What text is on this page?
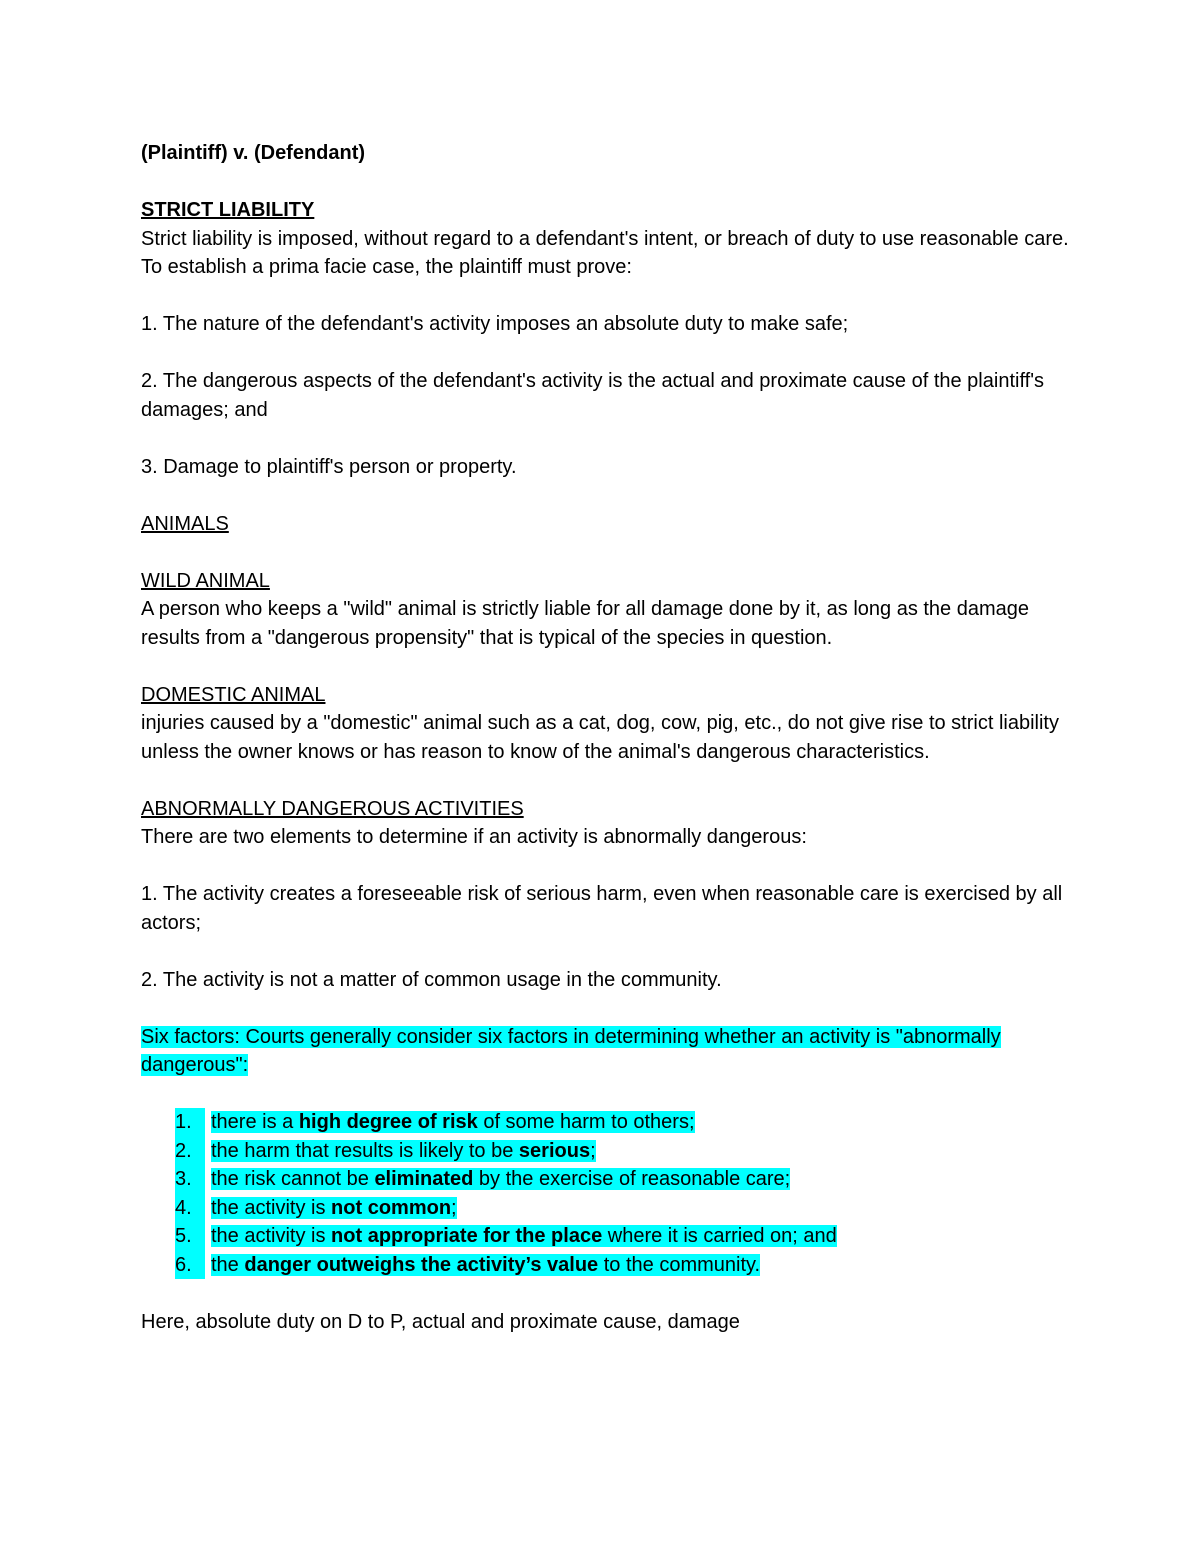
(Plaintiff) v. (Defendant)

STRICT LIABILITY

Strict liability is imposed, without regard to a defendant's intent, or breach of duty to use reasonable care. To establish a prima facie case, the plaintiff must prove:

1. The nature of the defendant's activity imposes an absolute duty to make safe;

2. The dangerous aspects of the defendant's activity is the actual and proximate cause of the plaintiff's damages; and

3. Damage to plaintiff's person or property.

ANIMALS

WILD ANIMAL

A person who keeps a "wild" animal is strictly liable for all damage done by it, as long as the damage results from a "dangerous propensity" that is typical of the species in question.

DOMESTIC ANIMAL

injuries caused by a "domestic" animal such as a cat, dog, cow, pig, etc., do not give rise to strict liability unless the owner knows or has reason to know of the animal's dangerous characteristics.

ABNORMALLY DANGEROUS ACTIVITIES

There are two elements to determine if an activity is abnormally dangerous:

1. The activity creates a foreseeable risk of serious harm, even when reasonable care is exercised by all actors;

2. The activity is not a matter of common usage in the community.

Six factors: Courts generally consider six factors in determining whether an activity is "abnormally dangerous":

1. there is a high degree of risk of some harm to others;
2. the harm that results is likely to be serious;
3. the risk cannot be eliminated by the exercise of reasonable care;
4. the activity is not common;
5. the activity is not appropriate for the place where it is carried on; and
6. the danger outweighs the activity’s value to the community.

Here, absolute duty on D to P, actual and proximate cause, damage
